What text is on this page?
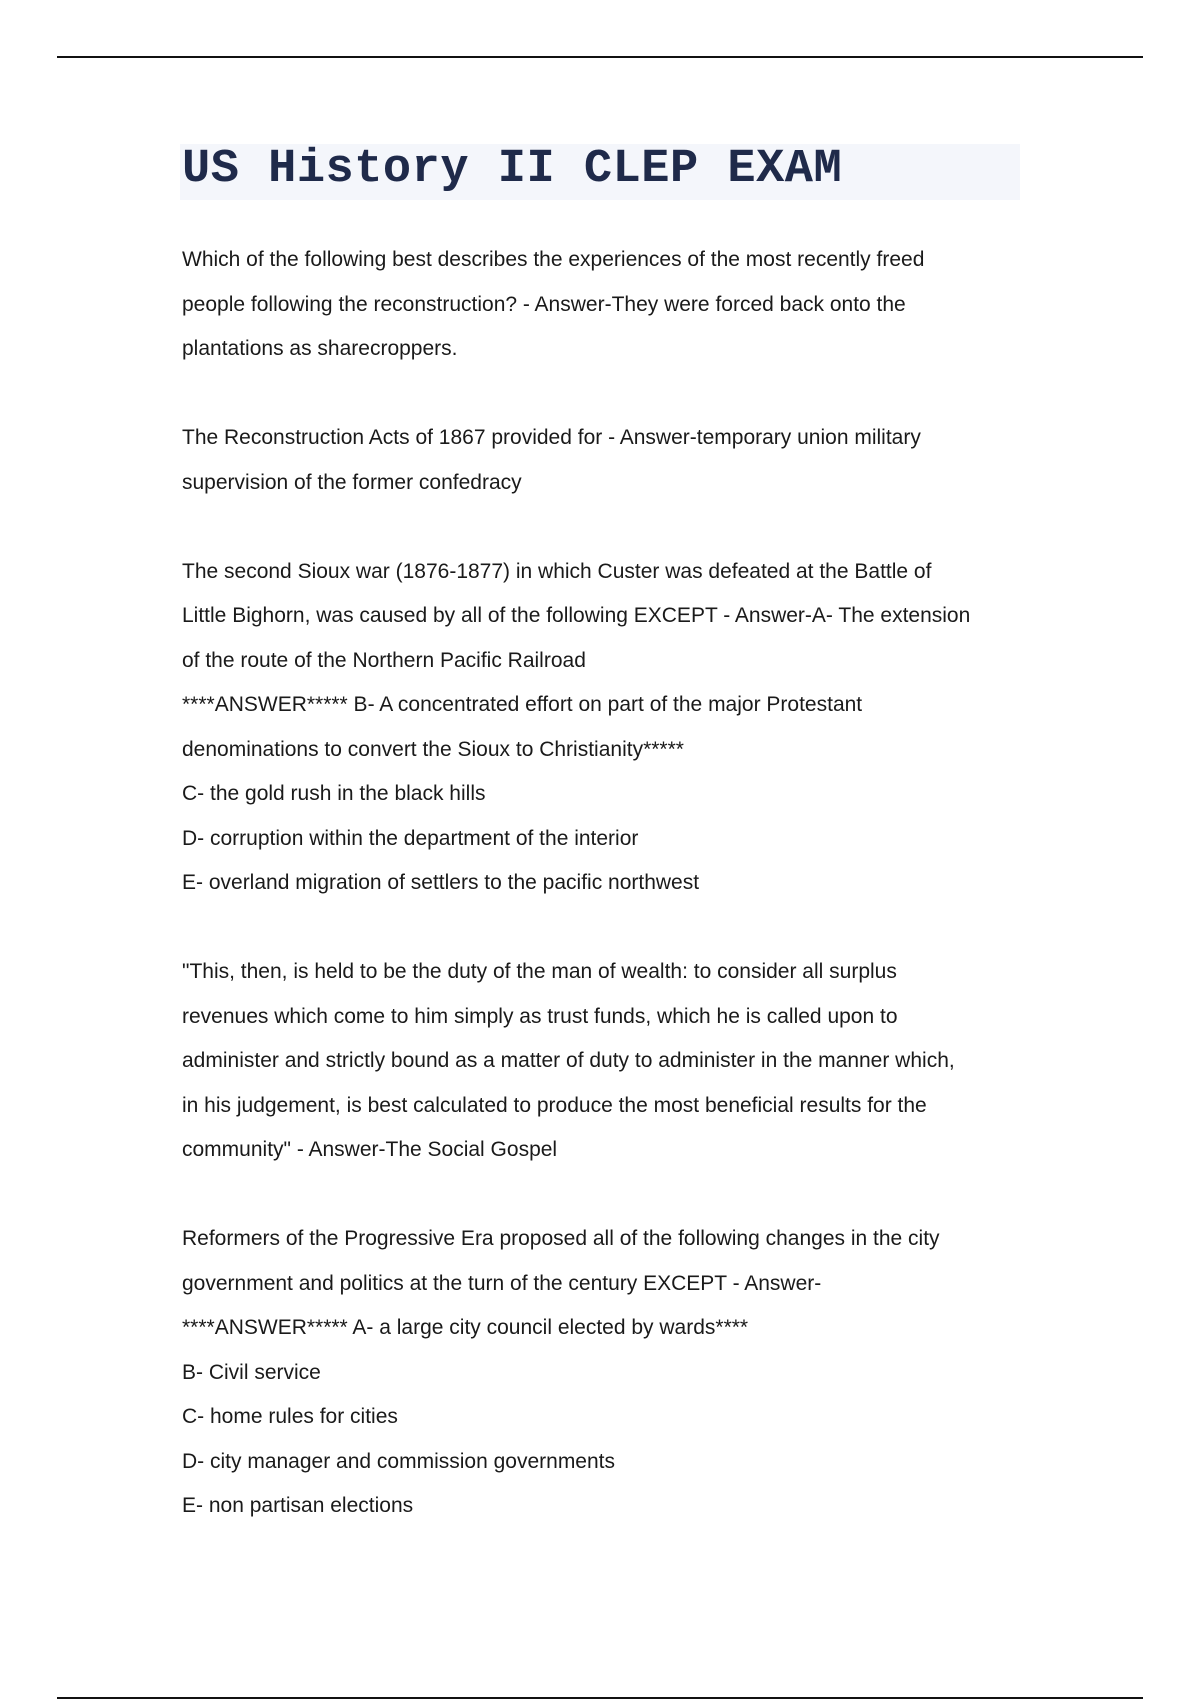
US History II CLEP EXAM
Which of the following best describes the experiences of the most recently freed
people following the reconstruction? - Answer-They were forced back onto the
plantations as sharecroppers.
The Reconstruction Acts of 1867 provided for - Answer-temporary union military
supervision of the former confedracy
The second Sioux war (1876-1877) in which Custer was defeated at the Battle of
Little Bighorn, was caused by all of the following EXCEPT - Answer-A- The extension
of the route of the Northern Pacific Railroad
****ANSWER***** B- A concentrated effort on part of the major Protestant
denominations to convert the Sioux to Christianity*****
C- the gold rush in the black hills
D- corruption within the department of the interior
E- overland migration of settlers to the pacific northwest
"This, then, is held to be the duty of the man of wealth: to consider all surplus
revenues which come to him simply as trust funds, which he is called upon to
administer and strictly bound as a matter of duty to administer in the manner which,
in his judgement, is best calculated to produce the most beneficial results for the
community" - Answer-The Social Gospel
Reformers of the Progressive Era proposed all of the following changes in the city
government and politics at the turn of the century EXCEPT - Answer-
****ANSWER***** A- a large city council elected by wards****
B- Civil service
C- home rules for cities
D- city manager and commission governments
E- non partisan elections
